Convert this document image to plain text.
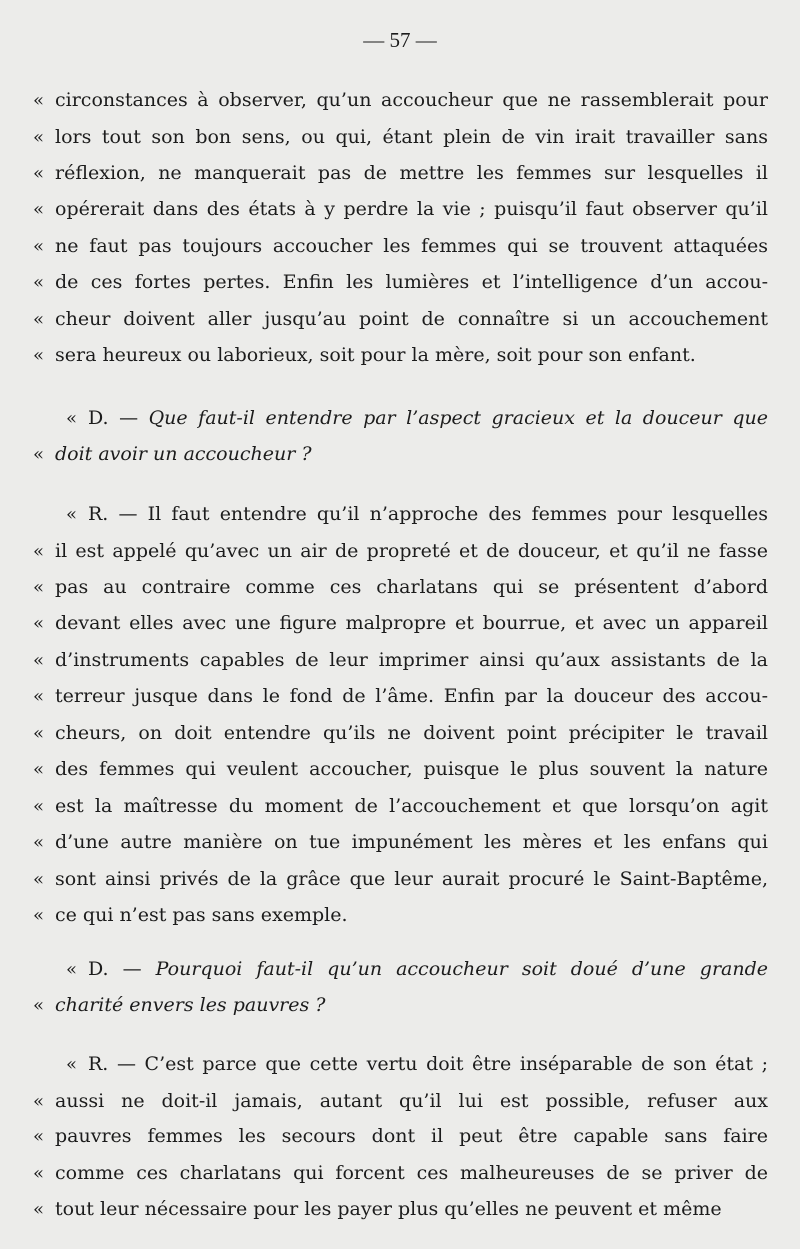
— 57 —
« circonstances à observer, qu’un accoucheur que ne rassemblerait pour
« lors tout son bon sens, ou qui, étant plein de vin irait travailler sans
« réflexion, ne manquerait pas de mettre les femmes sur lesquelles il
« opérerait dans des états à y perdre la vie ; puisqu’il faut observer qu’il
« ne faut pas toujours accoucher les femmes qui se trouvent attaquées
« de ces fortes pertes. Enfin les lumières et l’intelligence d’un accou-
« cheur doivent aller jusqu’au point de connaître si un accouchement
« sera heureux ou laborieux, soit pour la mère, soit pour son enfant.
« D. — Que faut-il entendre par l’aspect gracieux et la douceur que
« doit avoir un accoucheur ?
« R. — Il faut entendre qu’il n’approche des femmes pour lesquelles
« il est appelé qu’avec un air de propreté et de douceur, et qu’il ne fasse
« pas au contraire comme ces charlatans qui se présentent d’abord
« devant elles avec une figure malpropre et bourrue, et avec un appareil
« d’instruments capables de leur imprimer ainsi qu’aux assistants de la
« terreur jusque dans le fond de l’âme. Enfin par la douceur des accou-
« cheurs, on doit entendre qu’ils ne doivent point précipiter le travail
« des femmes qui veulent accoucher, puisque le plus souvent la nature
« est la maîtresse du moment de l’accouchement et que lorsqu’on agit
« d’une autre manière on tue impunément les mères et les enfans qui
« sont ainsi privés de la grâce que leur aurait procuré le Saint-Baptême,
« ce qui n’est pas sans exemple.
« D. — Pourquoi faut-il qu’un accoucheur soit doué d’une grande
« charité envers les pauvres ?
« R. — C’est parce que cette vertu doit être inséparable de son état ;
« aussi ne doit-il jamais, autant qu’il lui est possible, refuser aux
« pauvres femmes les secours dont il peut être capable sans faire
« comme ces charlatans qui forcent ces malheureuses de se priver de
« tout leur nécessaire pour les payer plus qu’elles ne peuvent et même
